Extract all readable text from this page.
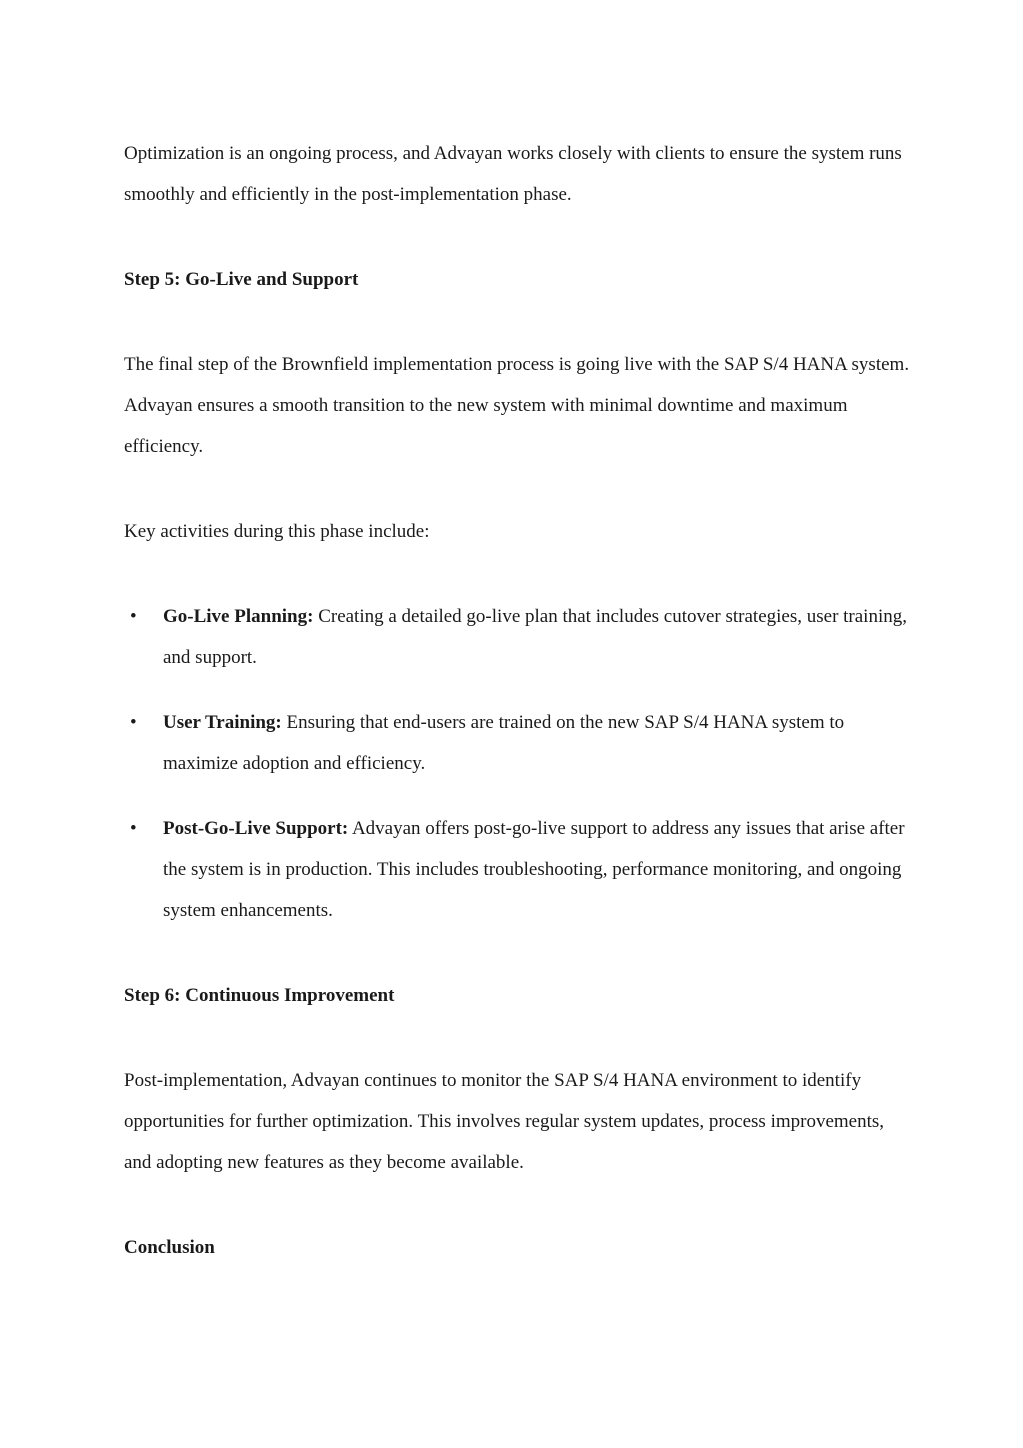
Optimization is an ongoing process, and Advayan works closely with clients to ensure the system runs smoothly and efficiently in the post-implementation phase.

Step 5: Go-Live and Support

The final step of the Brownfield implementation process is going live with the SAP S/4 HANA system. Advayan ensures a smooth transition to the new system with minimal downtime and maximum efficiency.

Key activities during this phase include:

• Go-Live Planning: Creating a detailed go-live plan that includes cutover strategies, user training, and support.
• User Training: Ensuring that end-users are trained on the new SAP S/4 HANA system to maximize adoption and efficiency.
• Post-Go-Live Support: Advayan offers post-go-live support to address any issues that arise after the system is in production. This includes troubleshooting, performance monitoring, and ongoing system enhancements.

Step 6: Continuous Improvement

Post-implementation, Advayan continues to monitor the SAP S/4 HANA environment to identify opportunities for further optimization. This involves regular system updates, process improvements, and adopting new features as they become available.

Conclusion
